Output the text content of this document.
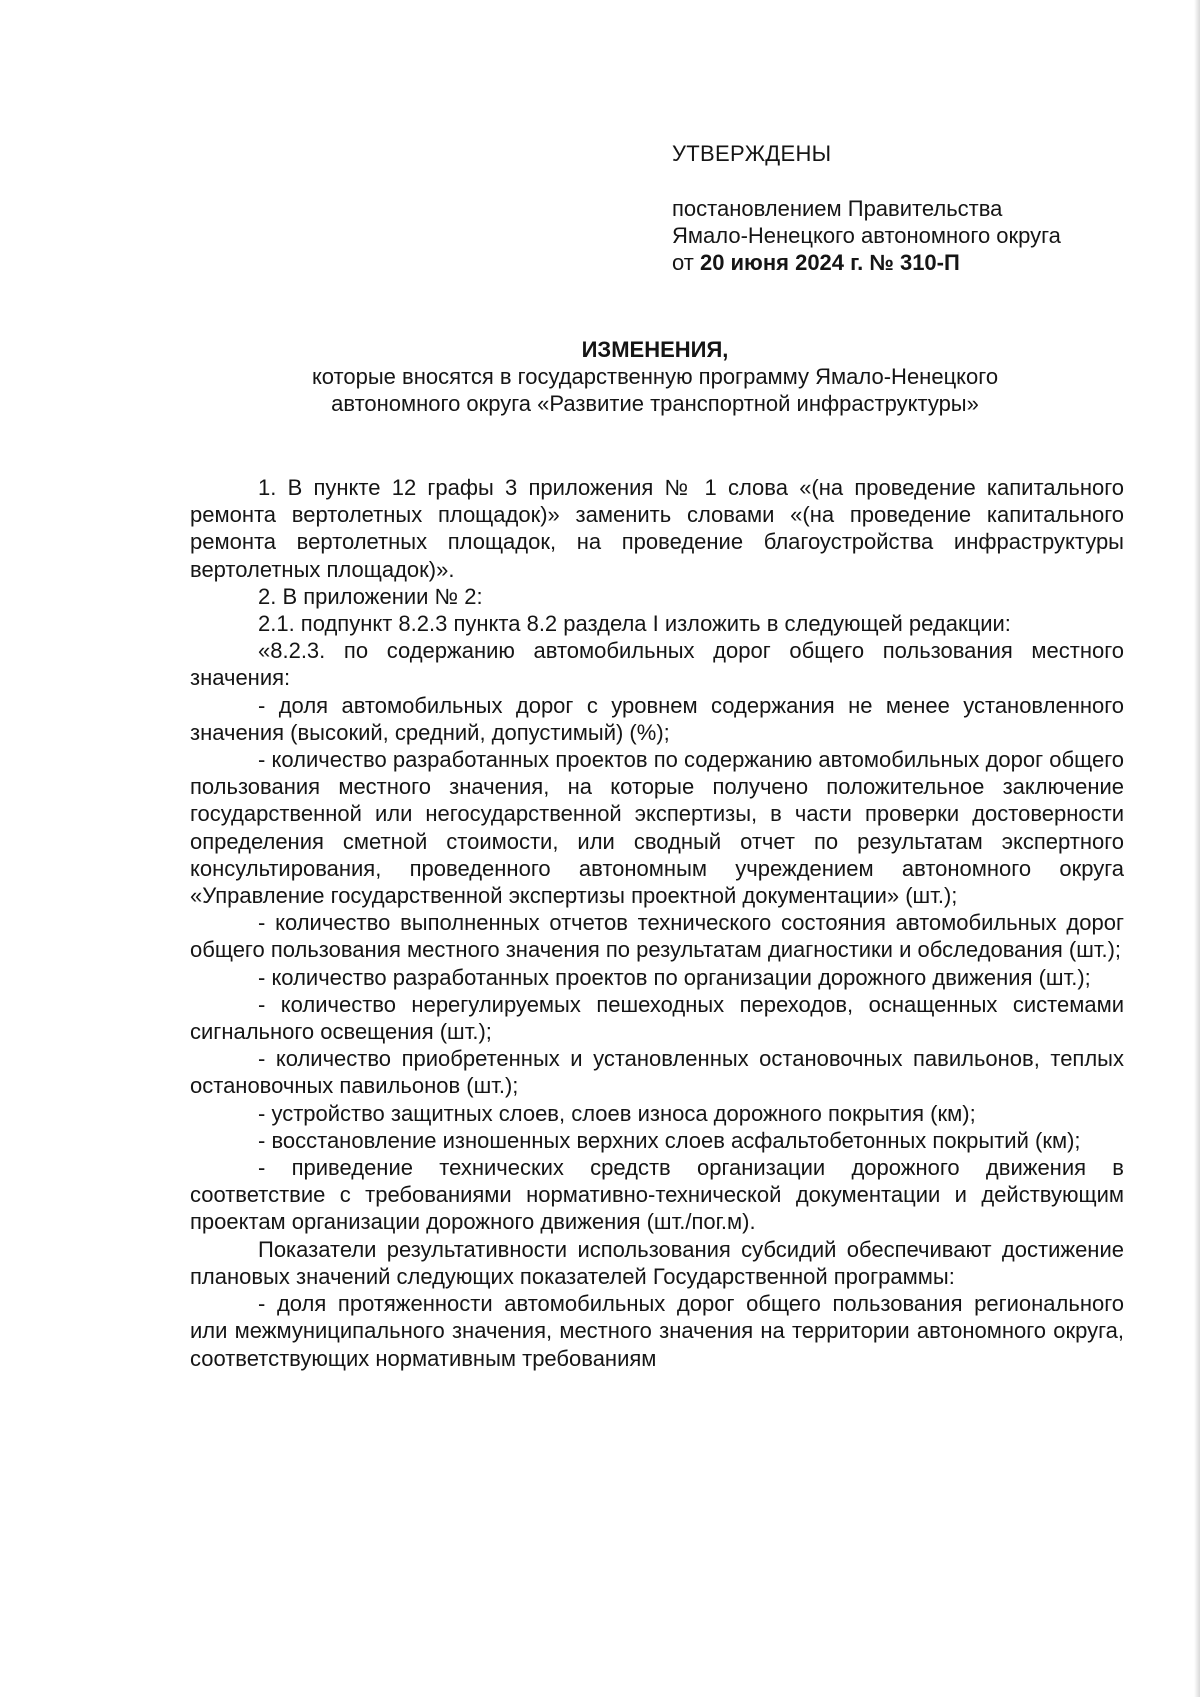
УТВЕРЖДЕНЫ

постановлением Правительства

Ямало-Ненецкого автономного округа

от 20 июня 2024 г. № 310-П

ИЗМЕНЕНИЯ,

которые вносятся в государственную программу Ямало-Ненецкого

автономного округа «Развитие транспортной инфраструктуры»

1. В пункте 12 графы 3 приложения № 1 слова «(на проведение капитального ремонта вертолетных площадок)» заменить словами «(на проведение капитального ремонта вертолетных площадок, на проведение благоустройства инфраструктуры вертолетных площадок)».

2. В приложении № 2:

2.1. подпункт 8.2.3 пункта 8.2 раздела I изложить в следующей редакции:

«8.2.3. по содержанию автомобильных дорог общего пользования местного значения:

- доля автомобильных дорог с уровнем содержания не менее установленного значения (высокий, средний, допустимый) (%);

- количество разработанных проектов по содержанию автомобильных дорог общего пользования местного значения, на которые получено положительное заключение государственной или негосударственной экспертизы, в части проверки достоверности определения сметной стоимости, или сводный отчет по результатам экспертного консультирования, проведенного автономным учреждением автономного округа «Управление государственной экспертизы проектной документации» (шт.);

- количество выполненных отчетов технического состояния автомобильных дорог общего пользования местного значения по результатам диагностики и обследования (шт.);

- количество разработанных проектов по организации дорожного движения (шт.);

- количество нерегулируемых пешеходных переходов, оснащенных системами сигнального освещения (шт.);

- количество приобретенных и установленных остановочных павильонов, теплых остановочных павильонов (шт.);

- устройство защитных слоев, слоев износа дорожного покрытия (км);

- восстановление изношенных верхних слоев асфальтобетонных покрытий (км);

- приведение технических средств организации дорожного движения в соответствие с требованиями нормативно-технической документации и действующим проектам организации дорожного движения (шт./пог.м).

Показатели результативности использования субсидий обеспечивают достижение плановых значений следующих показателей Государственной программы:

- доля протяженности автомобильных дорог общего пользования регионального или межмуниципального значения, местного значения на территории автономного округа, соответствующих нормативным требованиям
